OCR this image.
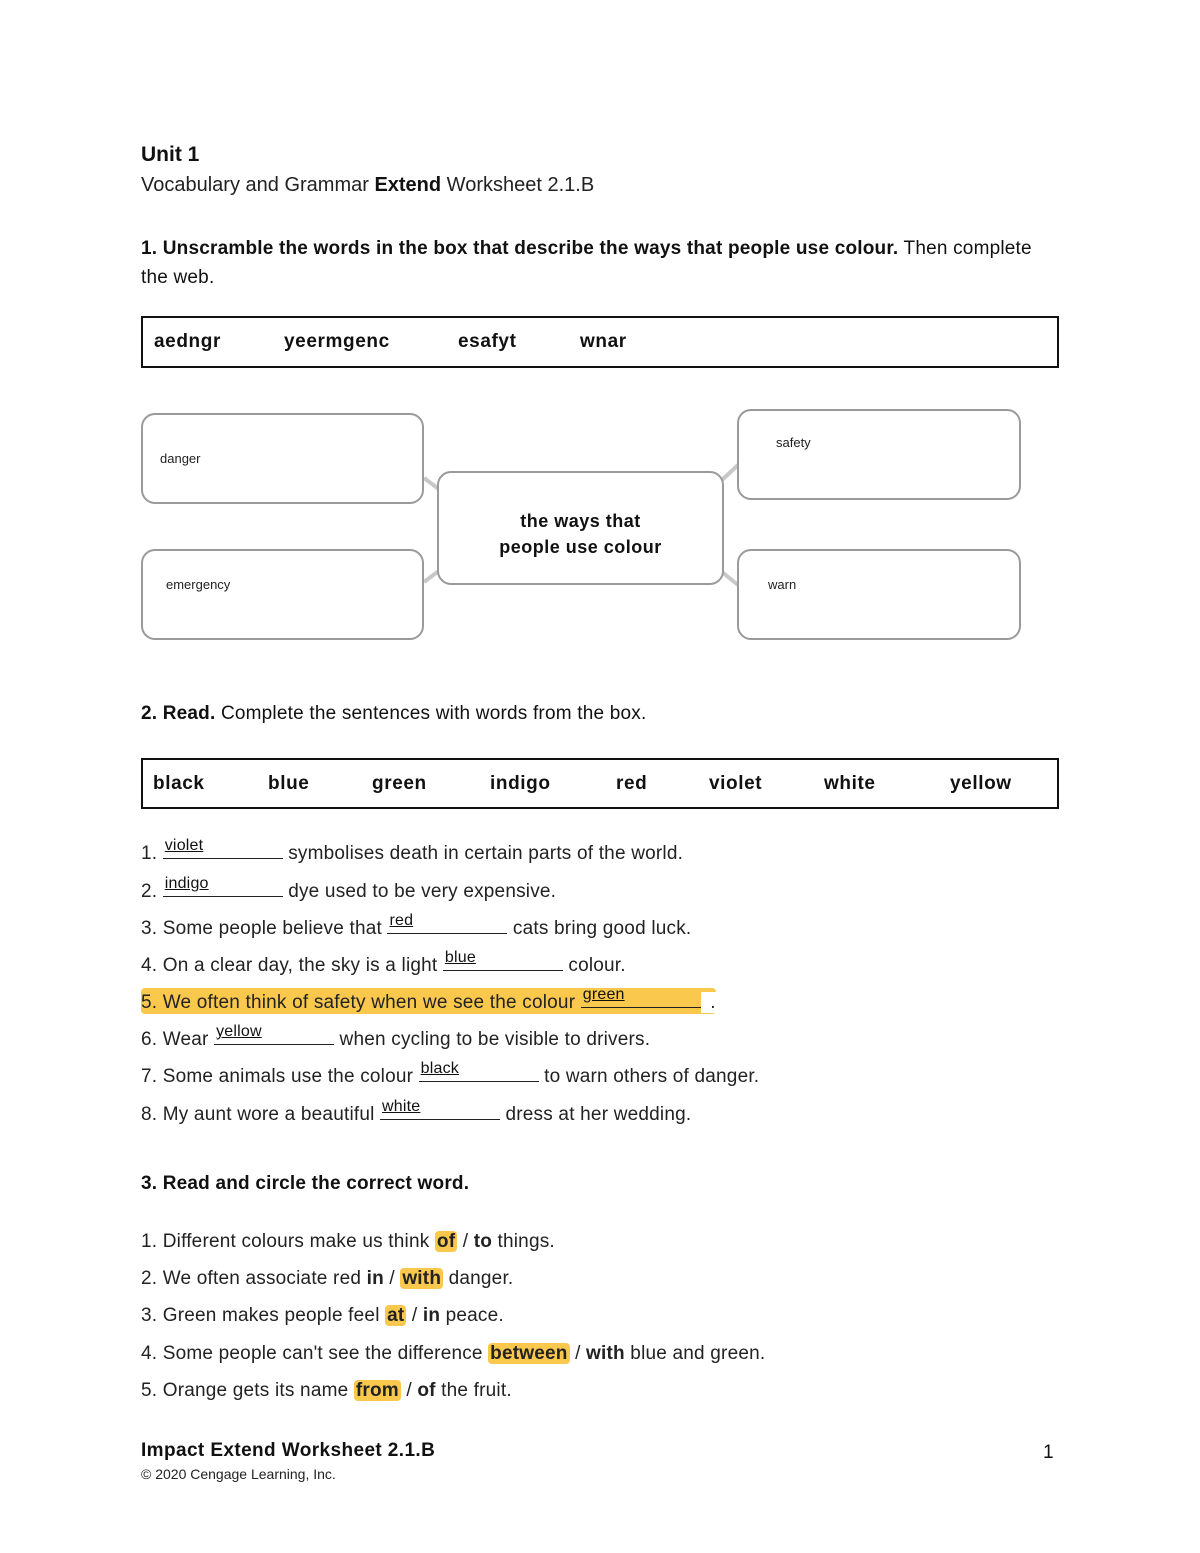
Unit 1
Vocabulary and Grammar Extend Worksheet 2.1.B
1. Unscramble the words in the box that describe the ways that people use colour. Then complete the web.
aedngr	yeermgenc	esafyt	wnar
danger
safety
emergency	warn
the ways that
people use colour
2. Read. Complete the sentences with words from the box.
black	blue	green	indigo	red	violet	white	yellow
1. violet	symbolises death in certain parts of the world.
2. indigo	dye used to be very expensive.
3. Some people believe that red	cats bring good luck.
4. On a clear day, the sky is a light blue	colour.
5. We often think of safety when we see the colour green	.
6. Wear yellow	when cycling to be visible to drivers.
7. Some animals use the colour black	to warn others of danger.
8. My aunt wore a beautiful white	dress at her wedding.
3. Read and circle the correct word.
1. Different colours make us think of / to things.
2. We often associate red in / with danger.
3. Green makes people feel at / in peace.
4. Some people can't see the difference between / with blue and green.
5. Orange gets its name from / of the fruit.
Impact Extend Worksheet 2.1.B
© 2020 Cengage Learning, Inc.
1
